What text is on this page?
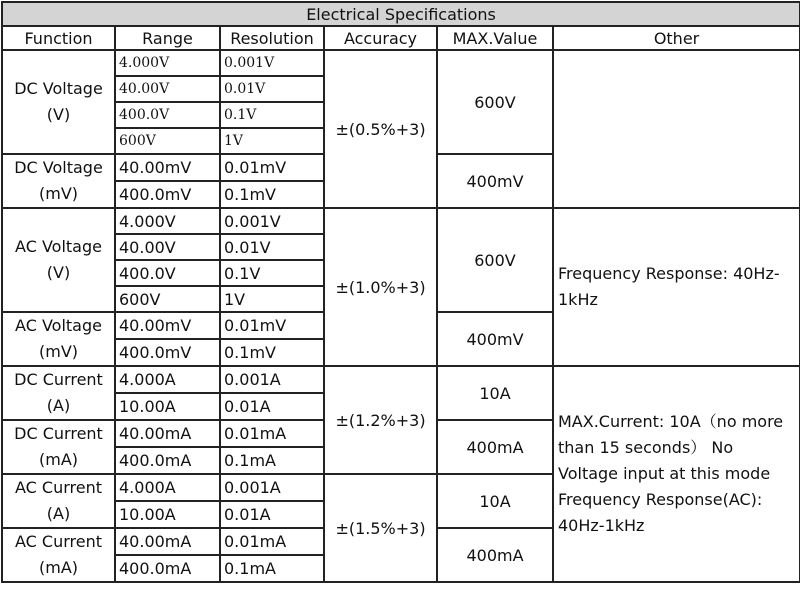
Electrical Specifications					
Function	Range	Resolution	Accuracy	MAX.Value	Other
DC Voltage (V)	4.000V	0.001V	±(0.5%+3)	600V	
	40.00V	0.01V			
	400.0V	0.1V			
	600V	1V			
DC Voltage (mV)	40.00mV	0.01mV		400mV	
	400.0mV	0.1mV			
AC Voltage (V)	4.000V	0.001V	±(1.0%+3)	600V	Frequency Response: 40Hz-1kHz
	40.00V	0.01V			
	400.0V	0.1V			
	600V	1V			
AC Voltage (mV)	40.00mV	0.01mV		400mV	
	400.0mV	0.1mV			
DC Current (A)	4.000A	0.001A	±(1.2%+3)	10A	MAX.Current: 10A（no more than 15 seconds） No Voltage input at this mode Frequency Response(AC): 40Hz-1kHz
	10.00A	0.01A			
DC Current (mA)	40.00mA	0.01mA		400mA	
	400.0mA	0.1mA			
AC Current (A)	4.000A	0.001A	±(1.5%+3)	10A	
	10.00A	0.01A			
AC Current (mA)	40.00mA	0.01mA		400mA	
	400.0mA	0.1mA			
